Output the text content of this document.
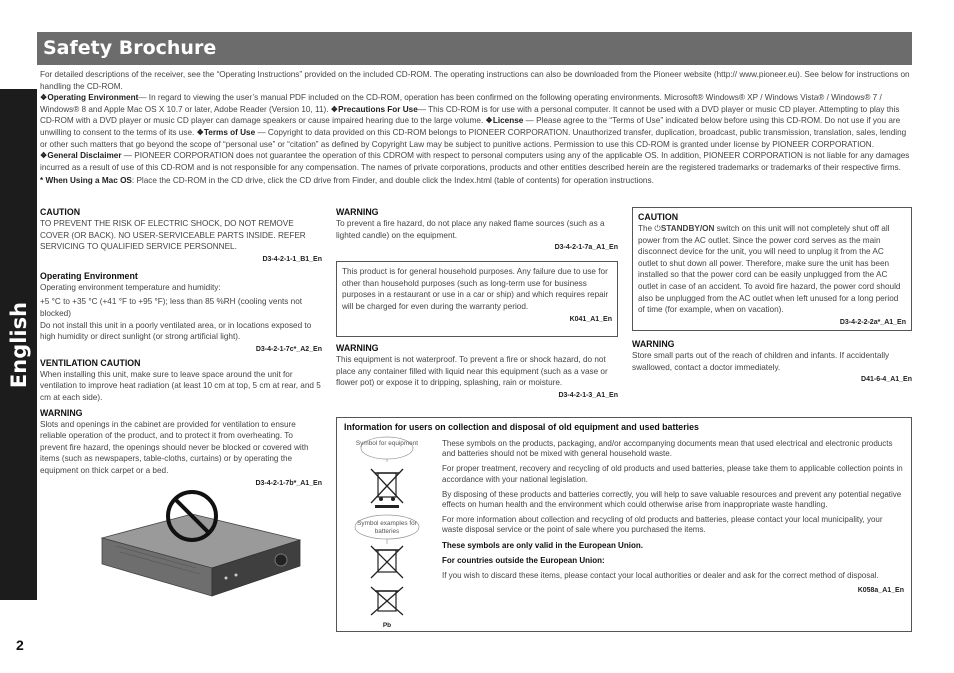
Safety Brochure
English
2

For detailed descriptions of the receiver, see the “Operating Instructions” provided on the included CD-ROM. The operating instructions can also be downloaded from the Pioneer website (http:// www.pioneer.eu). See below for instructions on handling the CD-ROM.

❖Operating Environment— In regard to viewing the user’s manual PDF included on the CD-ROM, operation has been confirmed on the following operating environments. Microsoft® Windows® XP / Windows Vista® / Windows® 7 / Windows® 8 and Apple Mac OS X 10.7 or later, Adobe Reader (Version 10, 11). ❖Precautions For Use— This CD-ROM is for use with a personal computer. It cannot be used with a DVD player or music CD player. Attempting to play this CD-ROM with a DVD player or music CD player can damage speakers or cause impaired hearing due to the large volume. ❖License — Please agree to the “Terms of Use” indicated below before using this CD-ROM. Do not use if you are unwilling to consent to the terms of its use. ❖Terms of Use — Copyright to data provided on this CD-ROM belongs to PIONEER CORPORATION. Unauthorized transfer, duplication, broadcast, public transmission, translation, sales, lending or other such matters that go beyond the scope of “personal use” or “citation” as defined by Copyright Law may be subject to punitive actions. Permission to use this CD-ROM is granted under license by PIONEER CORPORATION. ❖General Disclaimer — PIONEER CORPORATION does not guarantee the operation of this CDROM with respect to personal computers using any of the applicable OS. In addition, PIONEER CORPORATION is not liable for any damages incurred as a result of use of this CD-ROM and is not responsible for any compensation. The names of private corporations, products and other entities described herein are the registered trademarks or trademarks of their respective firms.

* When Using a Mac OS: Place the CD-ROM in the CD drive, click the CD drive from Finder, and double click the Index.html (table of contents) for operation instructions.

CAUTION

TO PREVENT THE RISK OF ELECTRIC SHOCK, DO NOT REMOVE COVER (OR BACK). NO USER-SERVICEABLE PARTS INSIDE. REFER SERVICING TO QUALIFIED SERVICE PERSONNEL.

D3-4-2-1-1_B1_En
Operating Environment

Operating environment temperature and humidity:

+5 °C to +35 °C (+41 °F to +95 °F); less than 85 %RH (cooling vents not blocked)

Do not install this unit in a poorly ventilated area, or in locations exposed to high humidity or direct sunlight (or strong artificial light).

D3-4-2-1-7c*_A2_En
VENTILATION CAUTION

When installing this unit, make sure to leave space around the unit for ventilation to improve heat radiation (at least 10 cm at top, 5 cm at rear, and 5 cm at each side).

WARNING

Slots and openings in the cabinet are provided for ventilation to ensure reliable operation of the product, and to protect it from overheating. To prevent fire hazard, the openings should never be blocked or covered with items (such as newspapers, table-cloths, curtains) or by operating the equipment on thick carpet or a bed.

D3-4-2-1-7b*_A1_En
WARNING

To prevent a fire hazard, do not place any naked flame sources (such as a lighted candle) on the equipment.

D3-4-2-1-7a_A1_En

This product is for general household purposes. Any failure due to use for other than household purposes (such as long-term use for business purposes in a restaurant or use in a car or ship) and which requires repair will be charged for even during the warranty period.

K041_A1_En
WARNING

This equipment is not waterproof. To prevent a fire or shock hazard, do not place any container filled with liquid near this equipment (such as a vase or flower pot) or expose it to dripping, splashing, rain or moisture.

D3-4-2-1-3_A1_En
CAUTION

The ⏻STANDBY/ON switch on this unit will not completely shut off all power from the AC outlet. Since the power cord serves as the main disconnect device for the unit, you will need to unplug it from the AC outlet to shut down all power. Therefore, make sure the unit has been installed so that the power cord can be easily unplugged from the AC outlet in case of an accident. To avoid fire hazard, the power cord should also be unplugged from the AC outlet when left unused for a long period of time (for example, when on vacation).

D3-4-2-2-2a*_A1_En
WARNING

Store small parts out of the reach of children and infants. If accidentally swallowed, contact a doctor immediately.

D41-6-4_A1_En
Information for users on collection and disposal of old equipment and used batteries

Symbol for equipment
Symbol examples for batteries

Pb

These symbols on the products, packaging, and/or accompanying documents mean that used electrical and electronic products and batteries should not be mixed with general household waste.

For proper treatment, recovery and recycling of old products and used batteries, please take them to applicable collection points in accordance with your national legislation.

By disposing of these products and batteries correctly, you will help to save valuable resources and prevent any potential negative effects on human health and the environment which could otherwise arise from inappropriate waste handling.

For more information about collection and recycling of old products and batteries, please contact your local municipality, your waste disposal service or the point of sale where you purchased the items.

These symbols are only valid in the European Union.

For countries outside the European Union:

If you wish to discard these items, please contact your local authorities or dealer and ask for the correct method of disposal.

K058a_A1_En
